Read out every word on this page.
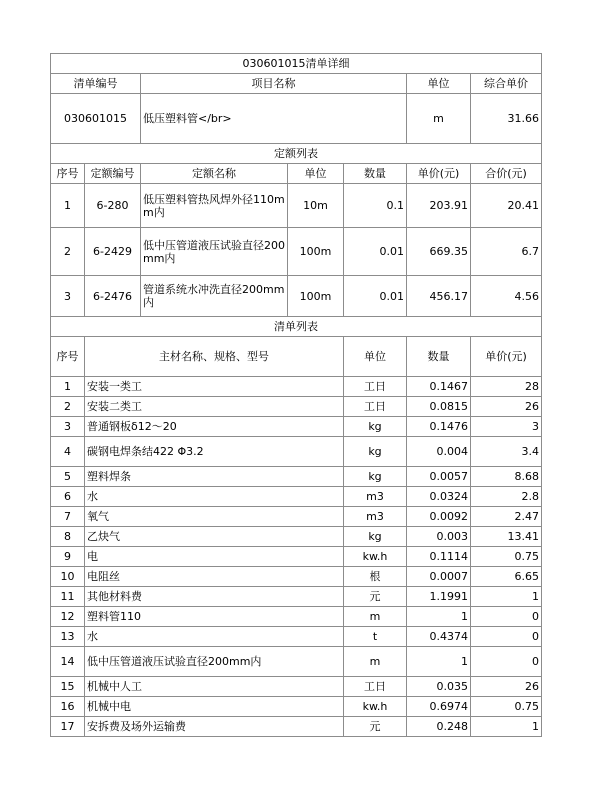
030601015清单详细							
清单编号		项目名称			单位	综合单价	
030601015		低压塑料管</br>			m	31.66	
定额列表							
序号	定额编号	定额名称	单位	数量	单价(元)	合价(元)	
1	6-280	低压塑料管热风焊外径110mm内	10m	0.1	203.91	20.41	
2	6-2429	低中压管道液压试验直径200mm内	100m	0.01	669.35	6.7	
3	6-2476	管道系统水冲洗直径200mm内	100m	0.01	456.17	4.56	
清单列表							
序号	主材名称、规格、型号			单位	数量	单价(元)	
1	安装一类工			工日	0.1467	28	
2	安装二类工			工日	0.0815	26	
3	普通钢板δ12～20			kg	0.1476	3	
4	碳钢电焊条结422 Φ3.2			kg	0.004	3.4	
5	塑料焊条			kg	0.0057	8.68	
6	水			m3	0.0324	2.8	
7	氧气			m3	0.0092	2.47	
8	乙炔气			kg	0.003	13.41	
9	电			kw.h	0.1114	0.75	
10	电阻丝			根	0.0007	6.65	
11	其他材料费			元	1.1991	1	
12	塑料管110			m	1	0	
13	水			t	0.4374	0	
14	低中压管道液压试验直径200mm内			m	1	0	
15	机械中人工			工日	0.035	26	
16	机械中电			kw.h	0.6974	0.75	
17	安拆费及场外运输费			元	0.248	1	
